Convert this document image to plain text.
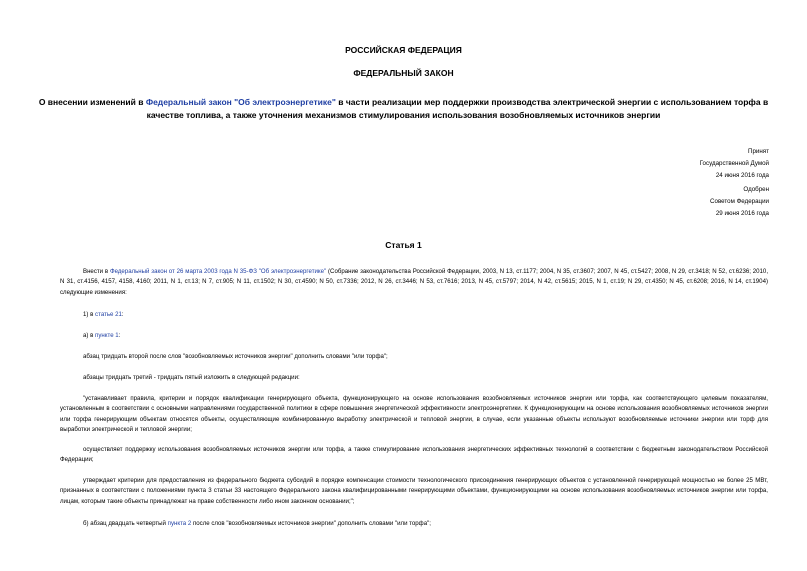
РОССИЙСКАЯ ФЕДЕРАЦИЯ
ФЕДЕРАЛЬНЫЙ ЗАКОН
О внесении изменений в Федеральный закон "Об электроэнергетике" в части реализации мер поддержки производства электрической энергии с использованием торфа в качестве топлива, а также уточнения механизмов стимулирования использования возобновляемых источников энергии
Принят
Государственной Думой
24 июня 2016 года
Одобрен
Советом Федерации
29 июня 2016 года
Статья 1
Внести в Федеральный закон от 26 марта 2003 года N 35-ФЗ "Об электроэнергетике" (Собрание законодательства Российской Федерации, 2003, N 13, ст.1177; 2004, N 35, ст.3607; 2007, N 45, ст.5427; 2008, N 29, ст.3418; N 52, ст.6236; 2010, N 31, ст.4156, 4157, 4158, 4160; 2011, N 1, ст.13; N 7, ст.905; N 11, ст.1502; N 30, ст.4590; N 50, ст.7336; 2012, N 26, ст.3446; N 53, ст.7616; 2013, N 45, ст.5797; 2014, N 42, ст.5615; 2015, N 1, ст.19; N 29, ст.4350; N 45, ст.6208; 2016, N 14, ст.1904) следующие изменения:
1) в статье 21:
а) в пункте 1:
абзац тридцать второй после слов "возобновляемых источников энергии" дополнить словами "или торфа";
абзацы тридцать третий - тридцать пятый изложить в следующей редакции:
"устанавливает правила, критерии и порядок квалификации генерирующего объекта, функционирующего на основе использования возобновляемых источников энергии или торфа, как соответствующего целевым показателям, установленным в соответствии с основными направлениями государственной политики в сфере повышения энергетической эффективности электроэнергетики. К функционирующим на основе использования возобновляемых источников энергии или торфа генерирующим объектам относятся объекты, осуществляющие комбинированную выработку электрической и тепловой энергии, в случае, если указанные объекты используют возобновляемые источники энергии или торф для выработки электрической и тепловой энергии;
осуществляет поддержку использования возобновляемых источников энергии или торфа, а также стимулирование использования энергетических эффективных технологий в соответствии с бюджетным законодательством Российской Федерации;
утверждает критерии для предоставления из федерального бюджета субсидий в порядке компенсации стоимости технологического присоединения генерирующих объектов с установленной генерирующей мощностью не более 25 МВт, признанных в соответствии с положениями пункта 3 статьи 33 настоящего Федерального закона квалифицированными генерирующими объектами, функционирующими на основе использования возобновляемых источников энергии или торфа, лицам, которым такие объекты принадлежат на праве собственности либо ином законном основании;";
б) абзац двадцать четвертый пункта 2 после слов "возобновляемых источников энергии" дополнить словами "или торфа";
